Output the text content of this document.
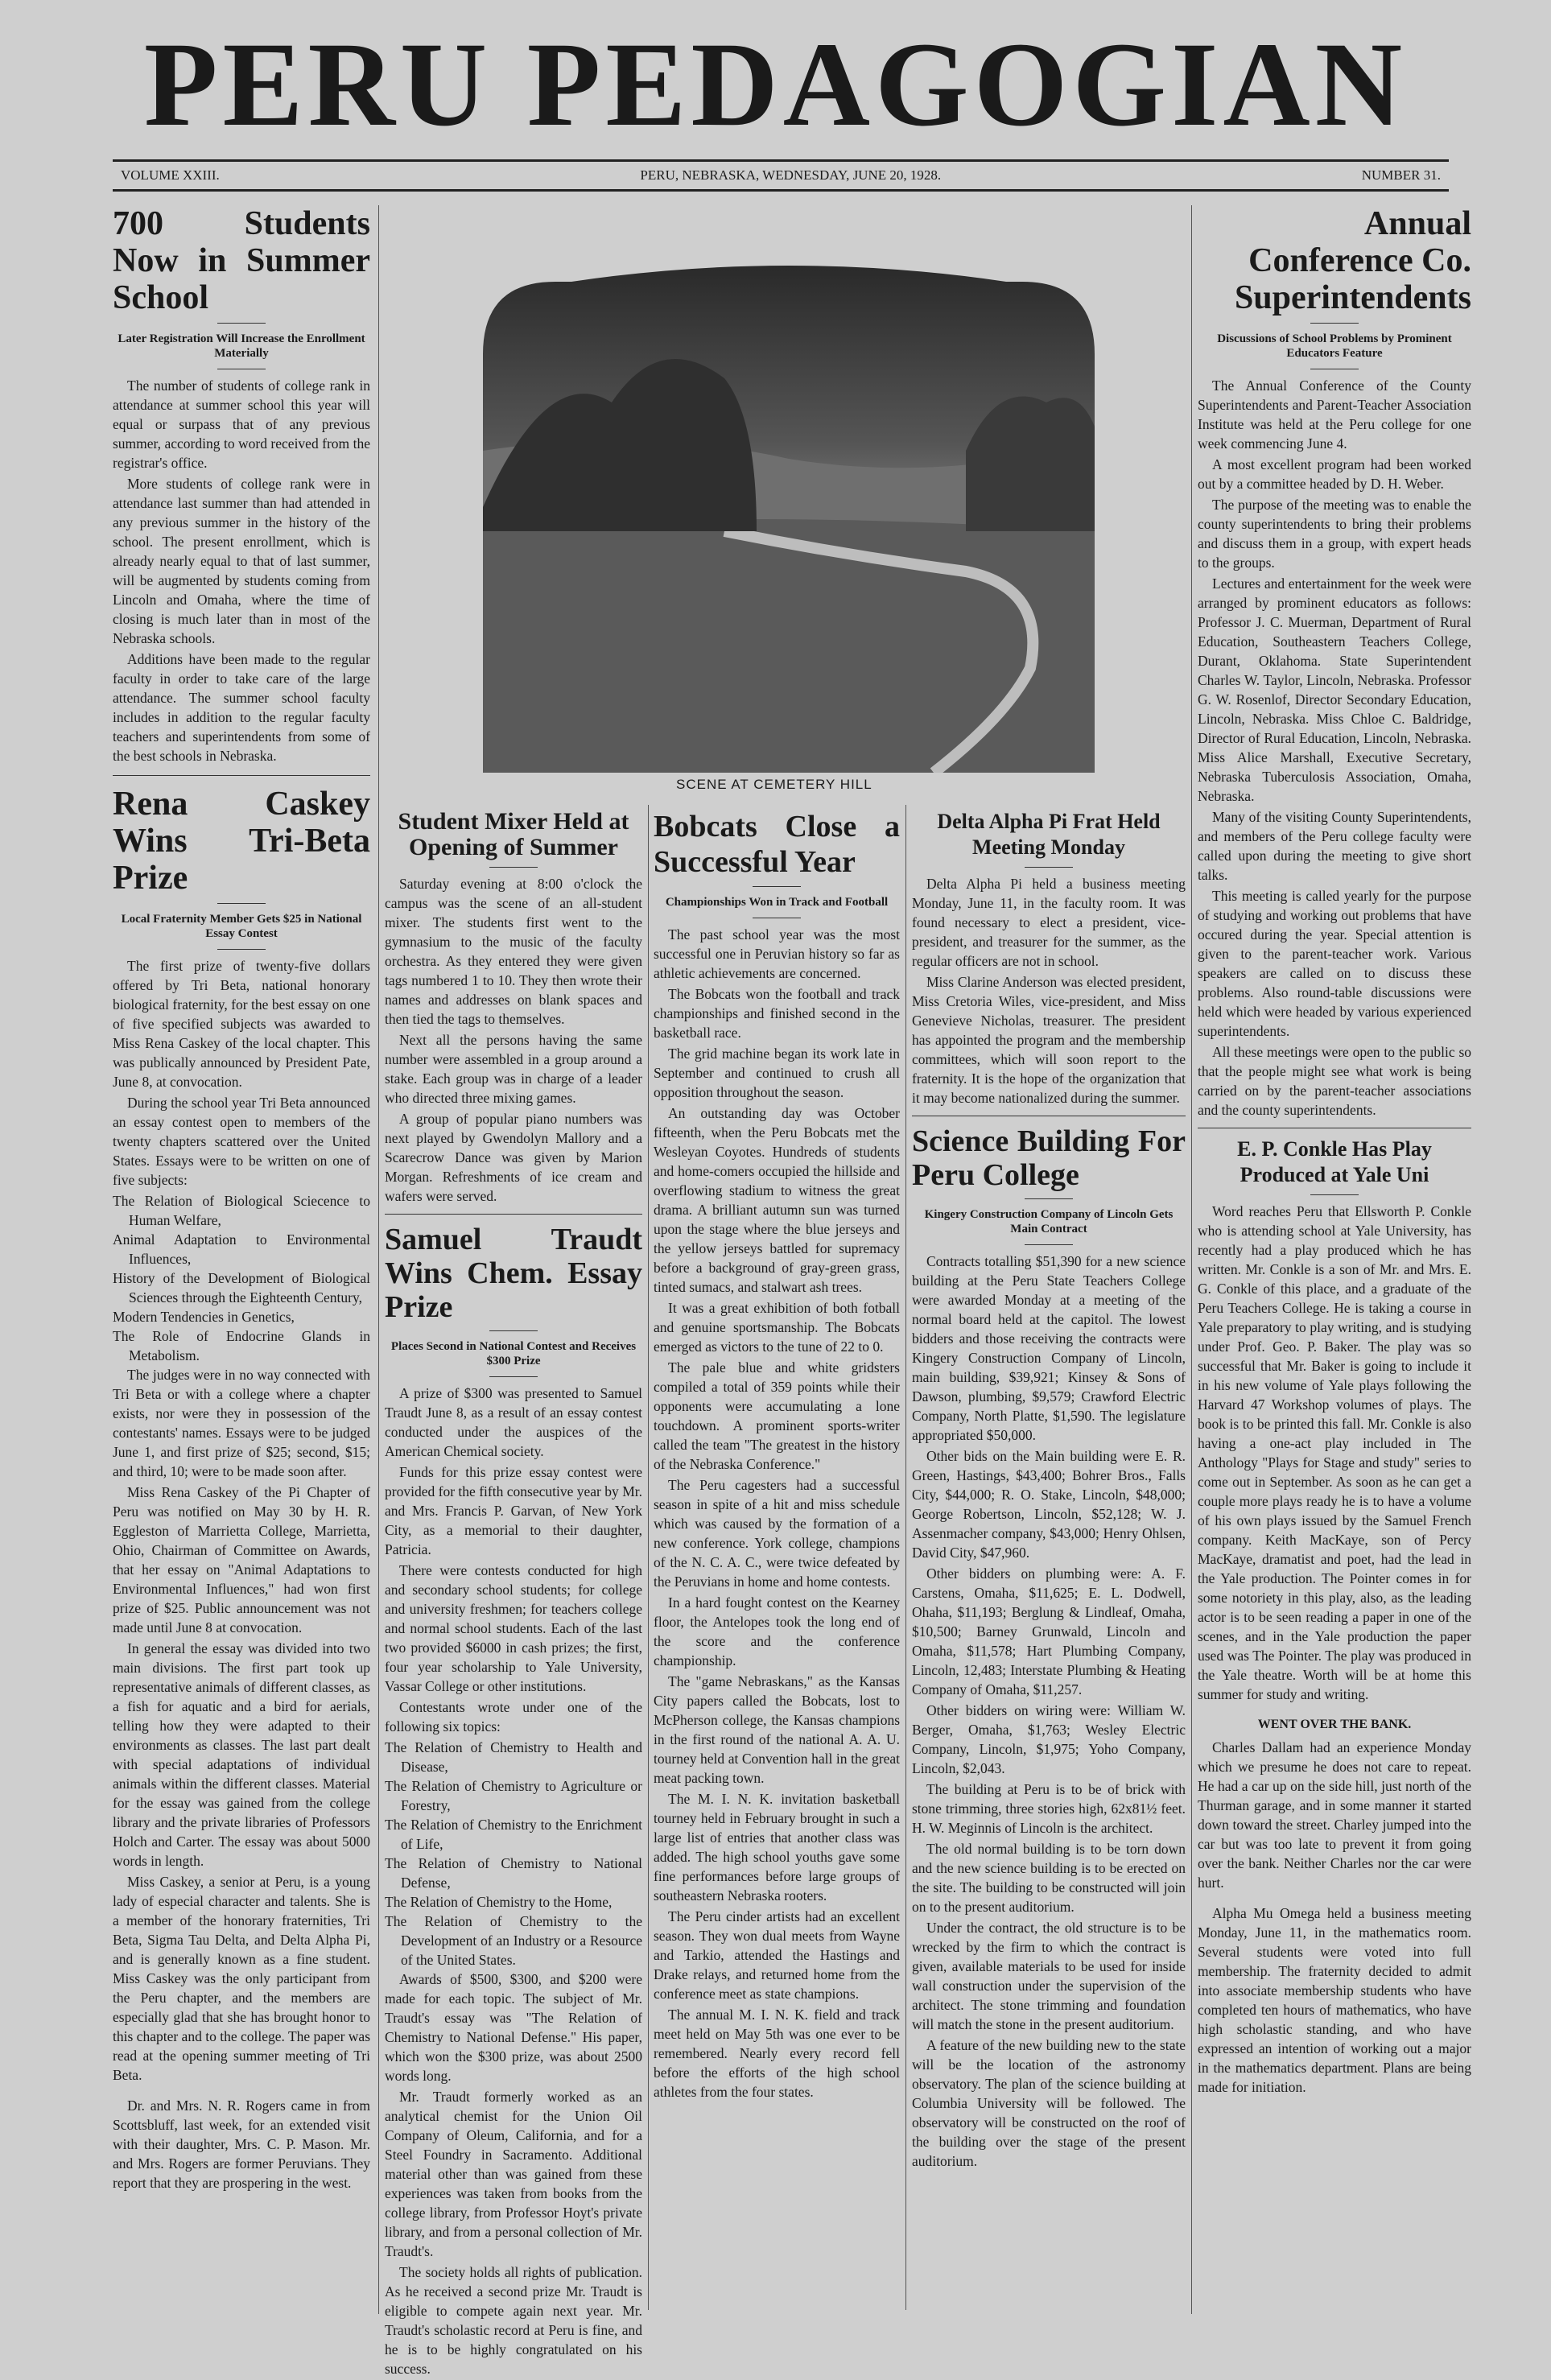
PERU PEDAGOGIAN
VOLUME XXIII.	PERU, NEBRASKA, WEDNESDAY, JUNE 20, 1928.	NUMBER 31.
SCENE AT CEMETERY HILL
700 Students Now in Summer School
Later Registration Will Increase the Enrollment Materially

The number of students of college rank in attendance at summer school this year will equal or surpass that of any previous summer, according to word received from the registrar's office.

More students of college rank were in attendance last summer than had attended in any previous summer in the history of the school. The present enrollment, which is already nearly equal to that of last summer, will be augmented by students coming from Lincoln and Omaha, where the time of closing is much later than in most of the Nebraska schools.

Additions have been made to the regular faculty in order to take care of the large attendance. The summer school faculty includes in addition to the regular faculty teachers and superintendents from some of the best schools in Nebraska.

Rena Caskey Wins Tri-Beta Prize
Local Fraternity Member Gets $25 in National Essay Contest

The first prize of twenty-five dollars offered by Tri Beta, national honorary biological fraternity, for the best essay on one of five specified subjects was awarded to Miss Rena Caskey of the local chapter. This was publically announced by President Pate, June 8, at convocation.

During the school year Tri Beta announced an essay contest open to members of the twenty chapters scattered over the United States. Essays were to be written on one of five subjects:

The Relation of Biological Sciecence to Human Welfare,
Animal Adaptation to Environmental Influences,
History of the Development of Biological Sciences through the Eighteenth Century,
Modern Tendencies in Genetics,
The Role of Endocrine Glands in Metabolism.

The judges were in no way connected with Tri Beta or with a college where a chapter exists, nor were they in possession of the contestants' names. Essays were to be judged June 1, and first prize of $25; second, $15; and third, 10; were to be made soon after.

Miss Rena Caskey of the Pi Chapter of Peru was notified on May 30 by H. R. Eggleston of Marrietta College, Marrietta, Ohio, Chairman of Committee on Awards, that her essay on "Animal Adaptations to Environmental Influences," had won first prize of $25. Public announcement was not made until June 8 at convocation.

In general the essay was divided into two main divisions. The first part took up representative animals of different classes, as a fish for aquatic and a bird for aerials, telling how they were adapted to their environments as classes. The last part dealt with special adaptations of individual animals within the different classes. Material for the essay was gained from the college library and the private libraries of Professors Holch and Carter. The essay was about 5000 words in length.

Miss Caskey, a senior at Peru, is a young lady of especial character and talents. She is a member of the honorary fraternities, Tri Beta, Sigma Tau Delta, and Delta Alpha Pi, and is generally known as a fine student. Miss Caskey was the only participant from the Peru chapter, and the members are especially glad that she has brought honor to this chapter and to the college. The paper was read at the opening summer meeting of Tri Beta.

Dr. and Mrs. N. R. Rogers came in from Scottsbluff, last week, for an extended visit with their daughter, Mrs. C. P. Mason. Mr. and Mrs. Rogers are former Peruvians. They report that they are prospering in the west.

Student Mixer Held at Opening of Summer

Saturday evening at 8:00 o'clock the campus was the scene of an all-student mixer. The students first went to the gymnasium to the music of the faculty orchestra. As they entered they were given tags numbered 1 to 10. They then wrote their names and addresses on blank spaces and then tied the tags to themselves.

Next all the persons having the same number were assembled in a group around a stake. Each group was in charge of a leader who directed three mixing games.

A group of popular piano numbers was next played by Gwendolyn Mallory and a Scarecrow Dance was given by Marion Morgan. Refreshments of ice cream and wafers were served.

Samuel Traudt Wins Chem. Essay Prize
Places Second in National Contest and Receives $300 Prize

A prize of $300 was presented to Samuel Traudt June 8, as a result of an essay contest conducted under the auspices of the American Chemical society.

Funds for this prize essay contest were provided for the fifth consecutive year by Mr. and Mrs. Francis P. Garvan, of New York City, as a memorial to their daughter, Patricia.

There were contests conducted for high and secondary school students; for college and university freshmen; for teachers college and normal school students. Each of the last two provided $6000 in cash prizes; the first, four year scholarship to Yale University, Vassar College or other institutions.

Contestants wrote under one of the following six topics:

The Relation of Chemistry to Health and Disease,
The Relation of Chemistry to Agriculture or Forestry,
The Relation of Chemistry to the Enrichment of Life,
The Relation of Chemistry to National Defense,
The Relation of Chemistry to the Home,
The Relation of Chemistry to the Development of an Industry or a Resource of the United States.

Awards of $500, $300, and $200 were made for each topic. The subject of Mr. Traudt's essay was "The Relation of Chemistry to National Defense." His paper, which won the $300 prize, was about 2500 words long.

Mr. Traudt formerly worked as an analytical chemist for the Union Oil Company of Oleum, California, and for a Steel Foundry in Sacramento. Additional material other than was gained from these experiences was taken from books from the college library, from Professor Hoyt's private library, and from a personal collection of Mr. Traudt's.

The society holds all rights of publication. As he received a second prize Mr. Traudt is eligible to compete again next year. Mr. Traudt's scholastic record at Peru is fine, and he is to be highly congratulated on his success.

Bobcats Close a Successful Year
Championships Won in Track and Football

The past school year was the most successful one in Peruvian history so far as athletic achievements are concerned.

The Bobcats won the football and track championships and finished second in the basketball race.

The grid machine began its work late in September and continued to crush all opposition throughout the season.

An outstanding day was October fifteenth, when the Peru Bobcats met the Wesleyan Coyotes. Hundreds of students and home-comers occupied the hillside and overflowing stadium to witness the great drama. A brilliant autumn sun was turned upon the stage where the blue jerseys and the yellow jerseys battled for supremacy before a background of gray-green grass, tinted sumacs, and stalwart ash trees.

It was a great exhibition of both fotball and genuine sportsmanship. The Bobcats emerged as victors to the tune of 22 to 0.

The pale blue and white gridsters compiled a total of 359 points while their opponents were accumulating a lone touchdown. A prominent sports-writer called the team "The greatest in the history of the Nebraska Conference."

The Peru cagesters had a successful season in spite of a hit and miss schedule which was caused by the formation of a new conference. York college, champions of the N. C. A. C., were twice defeated by the Peruvians in home and home contests.

In a hard fought contest on the Kearney floor, the Antelopes took the long end of the score and the conference championship.

The "game Nebraskans," as the Kansas City papers called the Bobcats, lost to McPherson college, the Kansas champions in the first round of the national A. A. U. tourney held at Convention hall in the great meat packing town.

The M. I. N. K. invitation basketball tourney held in February brought in such a large list of entries that another class was added. The high school youths gave some fine performances before large groups of southeastern Nebraska rooters.

The Peru cinder artists had an excellent season. They won dual meets from Wayne and Tarkio, attended the Hastings and Drake relays, and returned home from the conference meet as state champions.

The annual M. I. N. K. field and track meet held on May 5th was one ever to be remembered. Nearly every record fell before the efforts of the high school athletes from the four states.

Delta Alpha Pi Frat Held Meeting Monday

Delta Alpha Pi held a business meeting Monday, June 11, in the faculty room. It was found necessary to elect a president, vice-president, and treasurer for the summer, as the regular officers are not in school.

Miss Clarine Anderson was elected president, Miss Cretoria Wiles, vice-president, and Miss Genevieve Nicholas, treasurer. The president has appointed the program and the membership committees, which will soon report to the fraternity. It is the hope of the organization that it may become nationalized during the summer.

Science Building For Peru College
Kingery Construction Company of Lincoln Gets Main Contract

Contracts totalling $51,390 for a new science building at the Peru State Teachers College were awarded Monday at a meeting of the normal board held at the capitol. The lowest bidders and those receiving the contracts were Kingery Construction Company of Lincoln, main building, $39,921; Kinsey & Sons of Dawson, plumbing, $9,579; Crawford Electric Company, North Platte, $1,590. The legislature appropriated $50,000.

Other bids on the Main building were E. R. Green, Hastings, $43,400; Bohrer Bros., Falls City, $44,000; R. O. Stake, Lincoln, $48,000; George Robertson, Lincoln, $52,128; W. J. Assenmacher company, $43,000; Henry Ohlsen, David City, $47,960.

Other bidders on plumbing were: A. F. Carstens, Omaha, $11,625; E. L. Dodwell, Ohaha, $11,193; Berglung & Lindleaf, Omaha, $10,500; Barney Grunwald, Lincoln and Omaha, $11,578; Hart Plumbing Company, Lincoln, 12,483; Interstate Plumbing & Heating Company of Omaha, $11,257.

Other bidders on wiring were: William W. Berger, Omaha, $1,763; Wesley Electric Company, Lincoln, $1,975; Yoho Company, Lincoln, $2,043.

The building at Peru is to be of brick with stone trimming, three stories high, 62x81½ feet. H. W. Meginnis of Lincoln is the architect.

The old normal building is to be torn down and the new science building is to be erected on the site. The building to be constructed will join on to the present auditorium.

Under the contract, the old structure is to be wrecked by the firm to which the contract is given, available materials to be used for inside wall construction under the supervision of the architect. The stone trimming and foundation will match the stone in the present auditorium.

A feature of the new building new to the state will be the location of the astronomy observatory. The plan of the science building at Columbia University will be followed. The observatory will be constructed on the roof of the building over the stage of the present auditorium.

Annual Conference Co. Superintendents
Discussions of School Problems by Prominent Educators Feature

The Annual Conference of the County Superintendents and Parent-Teacher Association Institute was held at the Peru college for one week commencing June 4.

A most excellent program had been worked out by a committee headed by D. H. Weber.

The purpose of the meeting was to enable the county superintendents to bring their problems and discuss them in a group, with expert heads to the groups.

Lectures and entertainment for the week were arranged by prominent educators as follows: Professor J. C. Muerman, Department of Rural Education, Southeastern Teachers College, Durant, Oklahoma. State Superintendent Charles W. Taylor, Lincoln, Nebraska. Professor G. W. Rosenlof, Director Secondary Education, Lincoln, Nebraska. Miss Chloe C. Baldridge, Director of Rural Education, Lincoln, Nebraska. Miss Alice Marshall, Executive Secretary, Nebraska Tuberculosis Association, Omaha, Nebraska.

Many of the visiting County Superintendents, and members of the Peru college faculty were called upon during the meeting to give short talks.

This meeting is called yearly for the purpose of studying and working out problems that have occured during the year. Special attention is given to the parent-teacher work. Various speakers are called on to discuss these problems. Also round-table discussions were held which were headed by various experienced superintendents.

All these meetings were open to the public so that the people might see what work is being carried on by the parent-teacher associations and the county superintendents.

E. P. Conkle Has Play Produced at Yale Uni

Word reaches Peru that Ellsworth P. Conkle who is attending school at Yale University, has recently had a play produced which he has written. Mr. Conkle is a son of Mr. and Mrs. E. G. Conkle of this place, and a graduate of the Peru Teachers College. He is taking a course in Yale preparatory to play writing, and is studying under Prof. Geo. P. Baker. The play was so successful that Mr. Baker is going to include it in his new volume of Yale plays following the Harvard 47 Workshop volumes of plays. The book is to be printed this fall. Mr. Conkle is also having a one-act play included in The Anthology "Plays for Stage and study" series to come out in September. As soon as he can get a couple more plays ready he is to have a volume of his own plays issued by the Samuel French company. Keith MacKaye, son of Percy MacKaye, dramatist and poet, had the lead in the Yale production. The Pointer comes in for some notoriety in this play, also, as the leading actor is to be seen reading a paper in one of the scenes, and in the Yale production the paper used was The Pointer. The play was produced in the Yale theatre. Worth will be at home this summer for study and writing.

WENT OVER THE BANK.

Charles Dallam had an experience Monday which we presume he does not care to repeat. He had a car up on the side hill, just north of the Thurman garage, and in some manner it started down toward the street. Charley jumped into the car but was too late to prevent it from going over the bank. Neither Charles nor the car were hurt.

Alpha Mu Omega held a business meeting Monday, June 11, in the mathematics room. Several students were voted into full membership. The fraternity decided to admit into associate membership students who have completed ten hours of mathematics, who have high scholastic standing, and who have expressed an intention of working out a major in the mathematics department. Plans are being made for initiation.
